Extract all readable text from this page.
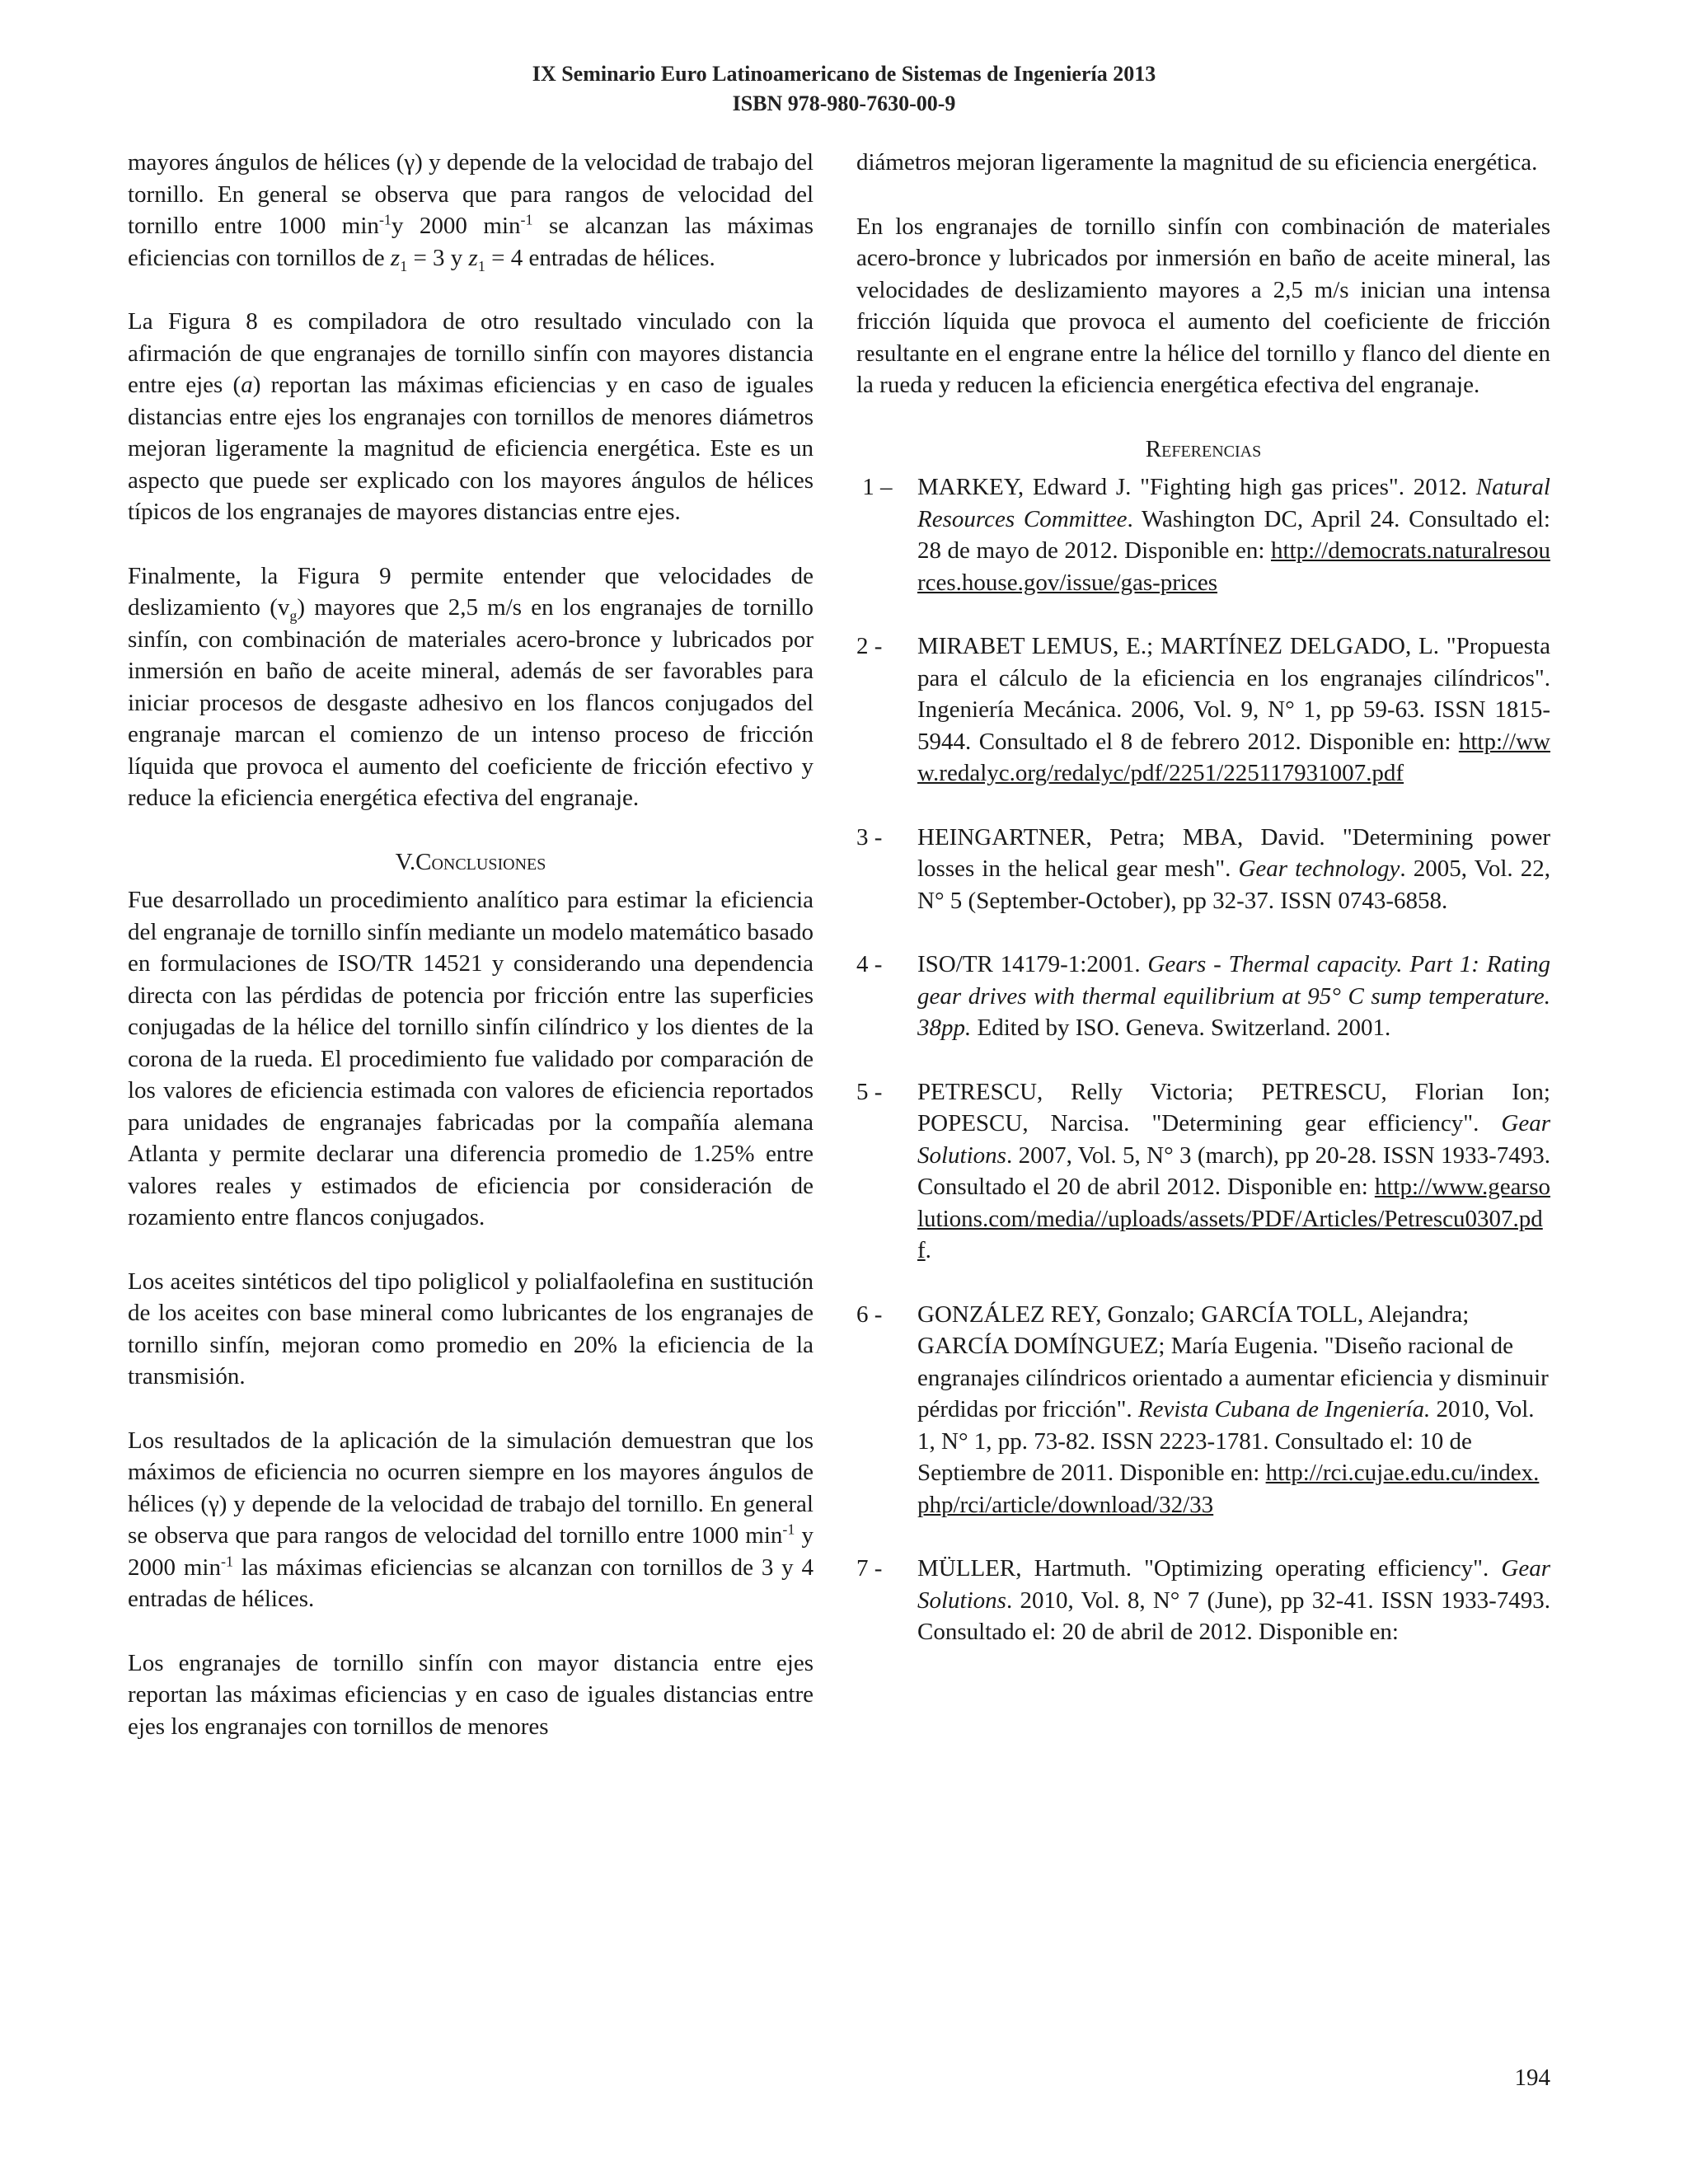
IX Seminario Euro Latinoamericano de Sistemas de Ingeniería 2013
ISBN 978-980-7630-00-9

mayores ángulos de hélices (γ) y depende de la velocidad de trabajo del tornillo. En general se observa que para rangos de velocidad del tornillo entre 1000 $\min^{-1}y$ 2000 $\min^{-1}$ se alcanzan las máximas eficiencias con tornillos de $z_1 = 3$ y $z_1 = 4$ entradas de hélices.

La Figura 8 es compiladora de otro resultado vinculado con la afirmación de que engranajes de tornillo sinfín con mayores distancia entre ejes (a) reportan las máximas eficiencias y en caso de iguales distancias entre ejes los engranajes con tornillos de menores diámetros mejoran ligeramente la magnitud de eficiencia energética. Este es un aspecto que puede ser explicado con los mayores ángulos de hélices típicos de los engranajes de mayores distancias entre ejes.

Finalmente, la Figura 9 permite entender que velocidades de deslizamiento $(v_g)$ mayores que 2,5 m/s en los engranajes de tornillo sinfín, con combinación de materiales acero-bronce y lubricados por inmersión en baño de aceite mineral, además de ser favorables para iniciar procesos de desgaste adhesivo en los flancos conjugados del engranaje marcan el comienzo de un intenso proceso de fricción líquida que provoca el aumento del coeficiente de fricción efectivo y reduce la eficiencia energética efectiva del engranaje.

V.Conclusiones

Fue desarrollado un procedimiento analítico para estimar la eficiencia del engranaje de tornillo sinfín mediante un modelo matemático basado en formulaciones de ISO/TR 14521 y considerando una dependencia directa con las pérdidas de potencia por fricción entre las superficies conjugadas de la hélice del tornillo sinfín cilíndrico y los dientes de la corona de la rueda. El procedimiento fue validado por comparación de los valores de eficiencia estimada con valores de eficiencia reportados para unidades de engranajes fabricadas por la compañía alemana Atlanta y permite declarar una diferencia promedio de 1.25% entre valores reales y estimados de eficiencia por consideración de rozamiento entre flancos conjugados.

Los aceites sintéticos del tipo poliglicol y polialfaolefina en sustitución de los aceites con base mineral como lubricantes de los engranajes de tornillo sinfín, mejoran como promedio en 20% la eficiencia de la transmisión.

Los resultados de la aplicación de la simulación demuestran que los máximos de eficiencia no ocurren siempre en los mayores ángulos de hélices (γ) y depende de la velocidad de trabajo del tornillo. En general se observa que para rangos de velocidad del tornillo entre 1000 $\min^{-1} y$ 2000 $\min^{-1}$ las máximas eficiencias se alcanzan con tornillos de 3 y 4 entradas de hélices.

Los engranajes de tornillo sinfín con mayor distancia entre ejes reportan las máximas eficiencias y en caso de iguales distancias entre ejes los engranajes con tornillos de menores

diámetros mejoran ligeramente la magnitud de su eficiencia energética.

En los engranajes de tornillo sinfín con combinación de materiales acero-bronce y lubricados por inmersión en baño de aceite mineral, las velocidades de deslizamiento mayores a 2,5 m/s inician una intensa fricción líquida que provoca el aumento del coeficiente de fricción resultante en el engrane entre la hélice del tornillo y flanco del diente en la rueda y reducen la eficiencia energética efectiva del engranaje.

Referencias
1 – MARKEY, Edward J. "Fighting high gas prices". 2012. Natural Resources Committee. Washington DC, April 24. Consultado el: 28 de mayo de 2012. Disponible en: http://democrats.naturalresources.house.gov/issue/gas-prices
2 - MIRABET LEMUS, E.; MARTÍNEZ DELGADO, L. "Propuesta para el cálculo de la eficiencia en los engranajes cilíndricos". Ingeniería Mecánica. 2006, Vol. 9, N° 1, pp 59-63. ISSN 1815-5944. Consultado el 8 de febrero 2012. Disponible en: http://www.redalyc.org/redalyc/pdf/2251/225117931007.pdf
3 - HEINGARTNER, Petra; MBA, David. "Determining power losses in the helical gear mesh". Gear technology. 2005, Vol. 22, N° 5 (September-October), pp 32-37. ISSN 0743-6858.
4 - ISO/TR 14179-1:2001. Gears - Thermal capacity. Part 1: Rating gear drives with thermal equilibrium at 95° C sump temperature. 38pp. Edited by ISO. Geneva. Switzerland. 2001.
5 - PETRESCU, Relly Victoria; PETRESCU, Florian Ion; POPESCU, Narcisa. "Determining gear efficiency". Gear Solutions. 2007, Vol. 5, N° 3 (march), pp 20-28. ISSN 1933-7493. Consultado el 20 de abril 2012. Disponible en: http://www.gearsolutions.com/media//uploads/assets/PDF/Articles/Petrescu0307.pdf.
6 - GONZÁLEZ REY, Gonzalo; GARCÍA TOLL, Alejandra; GARCÍA DOMÍNGUEZ; María Eugenia. "Diseño racional de engranajes cilíndricos orientado a aumentar eficiencia y disminuir pérdidas por fricción". Revista Cubana de Ingeniería. 2010, Vol. 1, N° 1, pp. 73-82. ISSN 2223-1781. Consultado el: 10 de Septiembre de 2011. Disponible en: http://rci.cujae.edu.cu/index.php/rci/article/download/32/33
7 - MÜLLER, Hartmuth. "Optimizing operating efficiency". Gear Solutions. 2010, Vol. 8, N° 7 (June), pp 32-41. ISSN 1933-7493. Consultado el: 20 de abril de 2012. Disponible en:
194
